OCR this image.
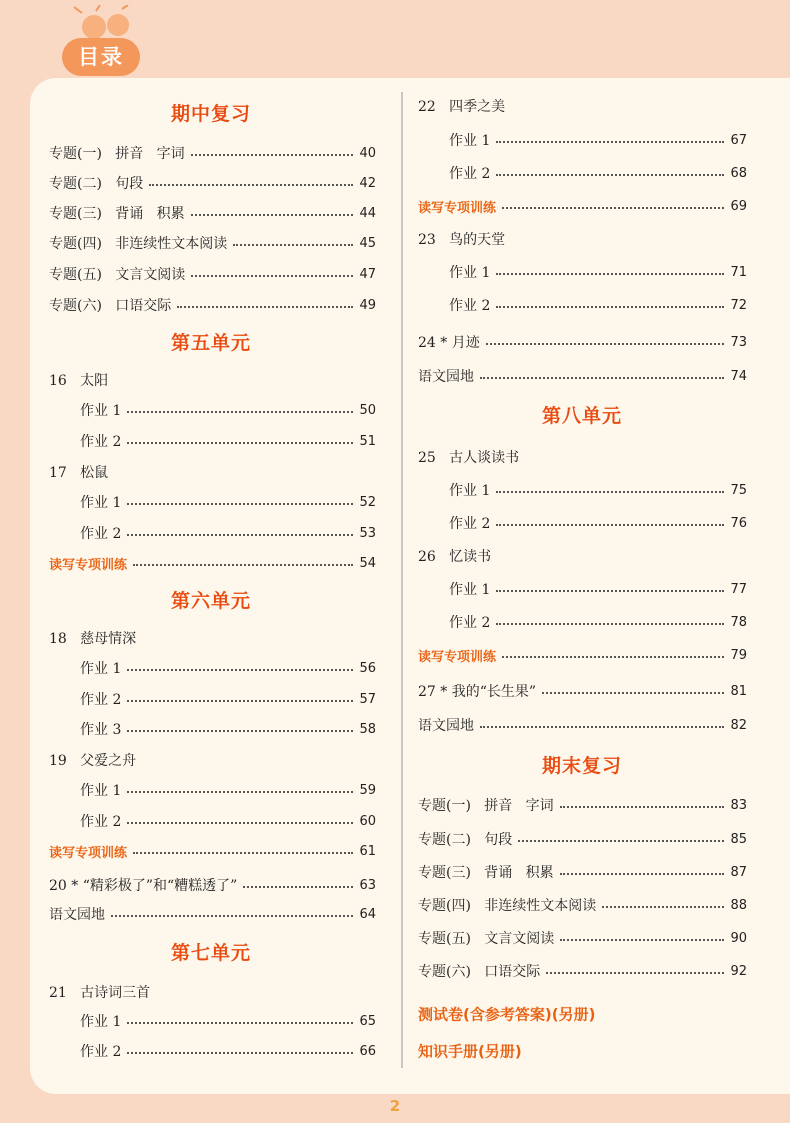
目录
期中复习
专题(一)   拼音   字词	40
专题(二)   句段	42
专题(三)   背诵   积累	44
专题(四)   非连续性文本阅读	45
专题(五)   文言文阅读	47
专题(六)   口语交际	49
第五单元
16   太阳
作业 1	50
作业 2	51
17   松鼠
作业 1	52
作业 2	53
读写专项训练	54
第六单元
18   慈母情深
作业 1	56
作业 2	57
作业 3	58
19   父爱之舟
作业 1	59
作业 2	60
读写专项训练	61
20 * “精彩极了”和“糟糕透了”	63
语文园地	64
第七单元
21   古诗词三首
作业 1	65
作业 2	66
22   四季之美
作业 1	67
作业 2	68
读写专项训练	69
23   鸟的天堂
作业 1	71
作业 2	72
24 * 月迹	73
语文园地	74
第八单元
25   古人谈读书
作业 1	75
作业 2	76
26   忆读书
作业 1	77
作业 2	78
读写专项训练	79
27 * 我的“长生果”	81
语文园地	82
期末复习
专题(一)   拼音   字词	83
专题(二)   句段	85
专题(三)   背诵   积累	87
专题(四)   非连续性文本阅读	88
专题(五)   文言文阅读	90
专题(六)   口语交际	92
测试卷(含参考答案)(另册)
知识手册(另册)
2
